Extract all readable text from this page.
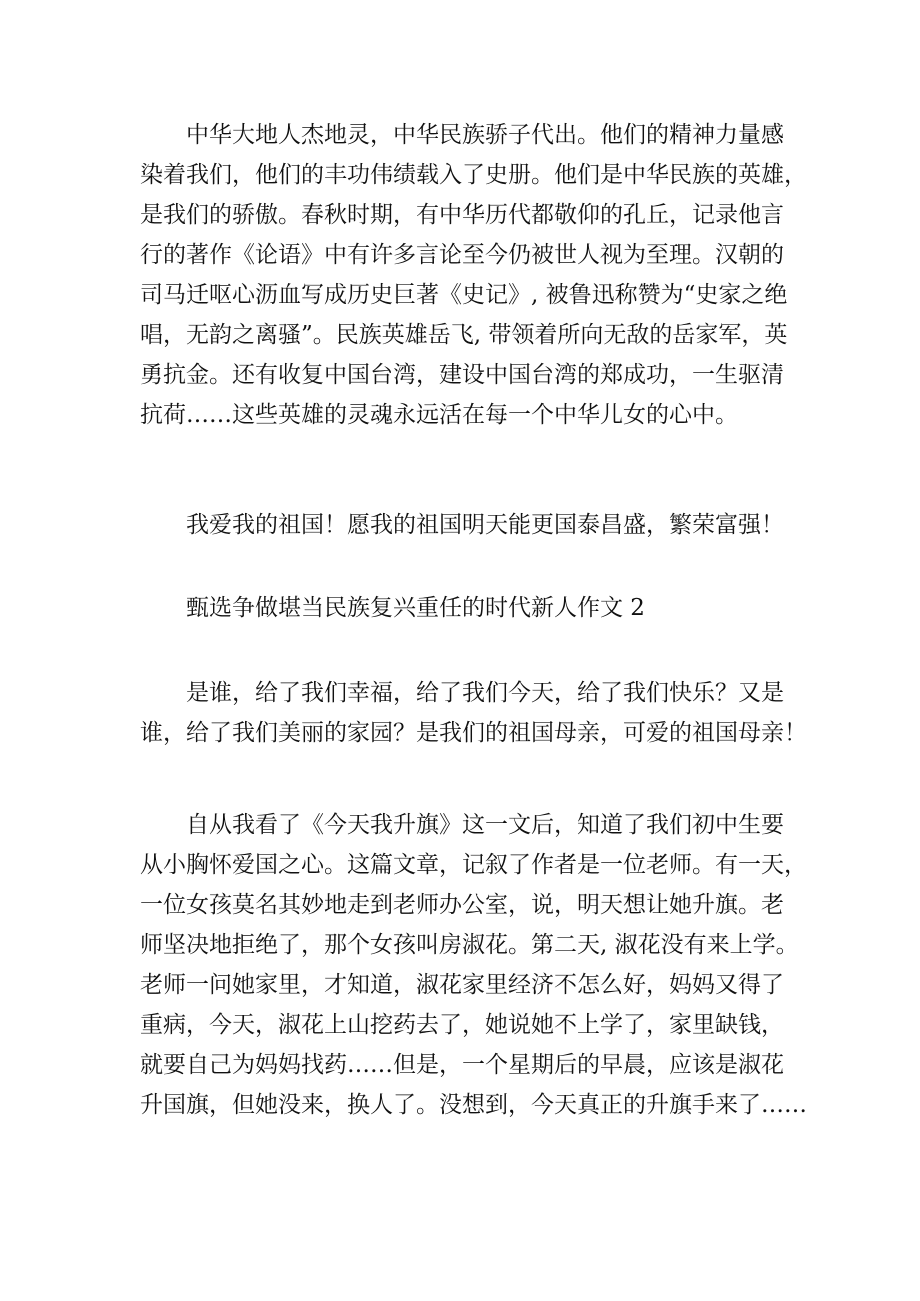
中华大地人杰地灵，中华民族骄子代出。他们的精神力量感
染着我们，他们的丰功伟绩载入了史册。他们是中华民族的英雄，
是我们的骄傲。春秋时期，有中华历代都敬仰的孔丘，记录他言
行的著作《论语》中有许多言论至今仍被世人视为至理。汉朝的
司马迁呕心沥血写成历史巨著《史记》, 被鲁迅称赞为“史家之绝
唱，无韵之离骚”。民族英雄岳飞, 带领着所向无敌的岳家军，英
勇抗金。还有收复中国台湾，建设中国台湾的郑成功，一生驱清
抗荷……这些英雄的灵魂永远活在每一个中华儿女的心中。
我爱我的祖国！愿我的祖国明天能更国泰昌盛，繁荣富强！
甄选争做堪当民族复兴重任的时代新人作文 2
是谁，给了我们幸福，给了我们今天，给了我们快乐？又是
谁，给了我们美丽的家园？是我们的祖国母亲，可爱的祖国母亲！
自从我看了《今天我升旗》这一文后，知道了我们初中生要
从小胸怀爱国之心。这篇文章，记叙了作者是一位老师。有一天，
一位女孩莫名其妙地走到老师办公室，说，明天想让她升旗。老
师坚决地拒绝了，那个女孩叫房淑花。第二天, 淑花没有来上学。
老师一问她家里，才知道，淑花家里经济不怎么好，妈妈又得了
重病，今天，淑花上山挖药去了，她说她不上学了，家里缺钱，
就要自己为妈妈找药……但是，一个星期后的早晨，应该是淑花
升国旗，但她没来，换人了。没想到，今天真正的升旗手来了……
